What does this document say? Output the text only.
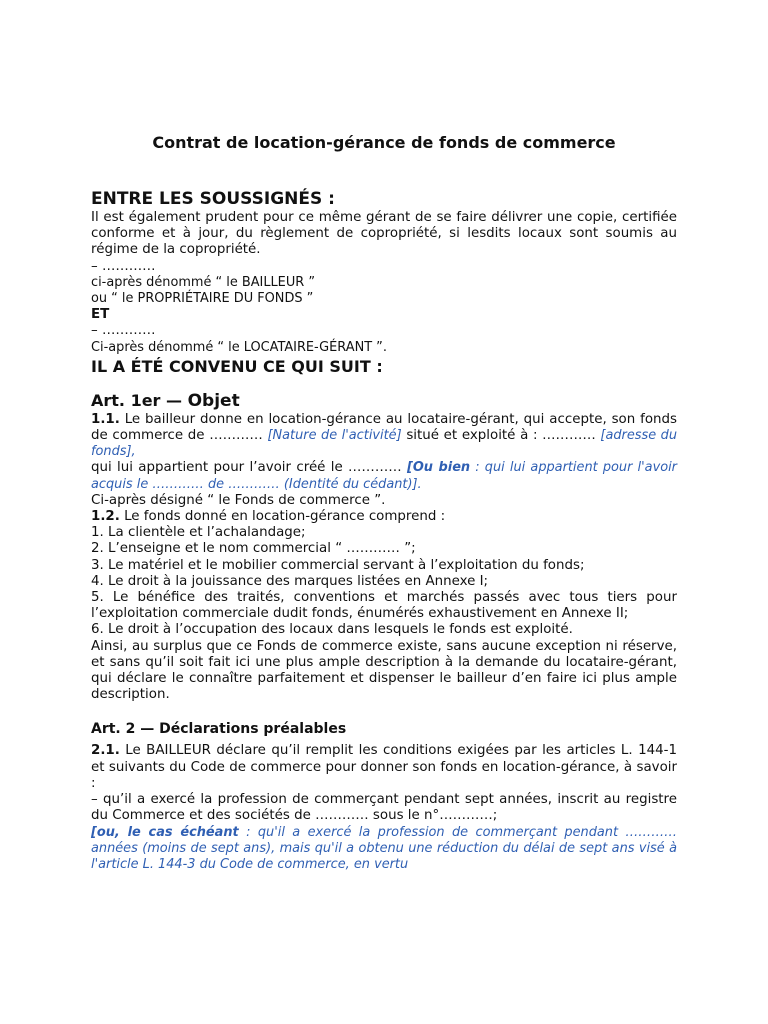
Contrat de location-gérance de fonds de commerce
ENTRE LES SOUSSIGNÉS :

Il est également prudent pour ce même gérant de se faire délivrer une copie, certifiée conforme et à jour, du règlement de copropriété, si lesdits locaux sont soumis au régime de la copropriété.

– …………

ci-après dénommé “ le BAILLEUR ”

ou “ le PROPRIÉTAIRE DU FONDS ”

ET

– …………

Ci-après dénommé “ le LOCATAIRE-GÉRANT ”.

IL A ÉTÉ CONVENU CE QUI SUIT :
Art. 1er — Objet

1.1. Le bailleur donne en location-gérance au locataire-gérant, qui accepte, son fonds de commerce de ………… [Nature de l'activité] situé et exploité à : ………… [adresse du fonds],

qui lui appartient pour l’avoir créé le ………… [Ou bien : qui lui appartient pour l'avoir acquis le ………… de ………… (Identité du cédant)].

Ci-après désigné “ le Fonds de commerce ”.

1.2. Le fonds donné en location-gérance comprend :

1. La clientèle et l’achalandage;

2. L’enseigne et le nom commercial “ ………… ”;

3. Le matériel et le mobilier commercial servant à l’exploitation du fonds;

4. Le droit à la jouissance des marques listées en Annexe I;

5. Le bénéfice des traités, conventions et marchés passés avec tous tiers pour l’exploitation commerciale dudit fonds, énumérés exhaustivement en Annexe II;

6. Le droit à l’occupation des locaux dans lesquels le fonds est exploité.

Ainsi, au surplus que ce Fonds de commerce existe, sans aucune exception ni réserve, et sans qu’il soit fait ici une plus ample description à la demande du locataire-gérant, qui déclare le connaître parfaitement et dispenser le bailleur d’en faire ici plus ample description.

Art. 2 — Déclarations préalables

2.1. Le BAILLEUR déclare qu’il remplit les conditions exigées par les articles L. 144-1 et suivants du Code de commerce pour donner son fonds en location-gérance, à savoir :

– qu’il a exercé la profession de commerçant pendant sept années, inscrit au registre du Commerce et des sociétés de ………… sous le n°…………;

[ou, le cas échéant : qu'il a exercé la profession de commerçant pendant ………… années (moins de sept ans), mais qu'il a obtenu une réduction du délai de sept ans visé à l'article L. 144-3 du Code de commerce, en vertu
